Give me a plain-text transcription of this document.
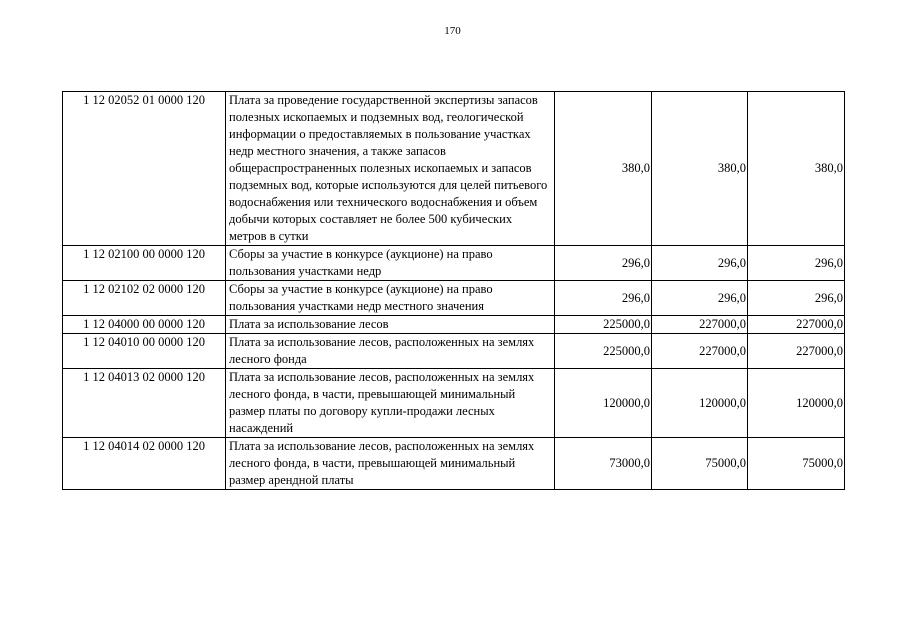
170
1 12 02052 01 0000 120	Плата за проведение государственной экспертизы запасов полезных ископаемых и подземных вод, геологической информации о предоставляемых в пользование участках недр местного значения, а также запасов общераспространенных полезных ископаемых и запасов подземных вод, которые используются для целей питьевого водоснабжения или технического водоснабжения и объем добычи которых составляет не более 500 кубических метров в сутки	380,0	380,0	380,0
1 12 02100 00 0000 120	Сборы за участие в конкурсе (аукционе) на право пользования участками недр	296,0	296,0	296,0
1 12 02102 02 0000 120	Сборы за участие в конкурсе (аукционе) на право пользования участками недр местного значения	296,0	296,0	296,0
1 12 04000 00 0000 120	Плата за использование лесов	225000,0	227000,0	227000,0
1 12 04010 00 0000 120	Плата за использование лесов, расположенных на землях лесного фонда	225000,0	227000,0	227000,0
1 12 04013 02 0000 120	Плата за использование лесов, расположенных на землях лесного фонда, в части, превышающей минимальный размер платы по договору купли-продажи лесных насаждений	120000,0	120000,0	120000,0
1 12 04014 02 0000 120	Плата за использование лесов, расположенных на землях лесного фонда, в части, превышающей минимальный размер арендной платы	73000,0	75000,0	75000,0
